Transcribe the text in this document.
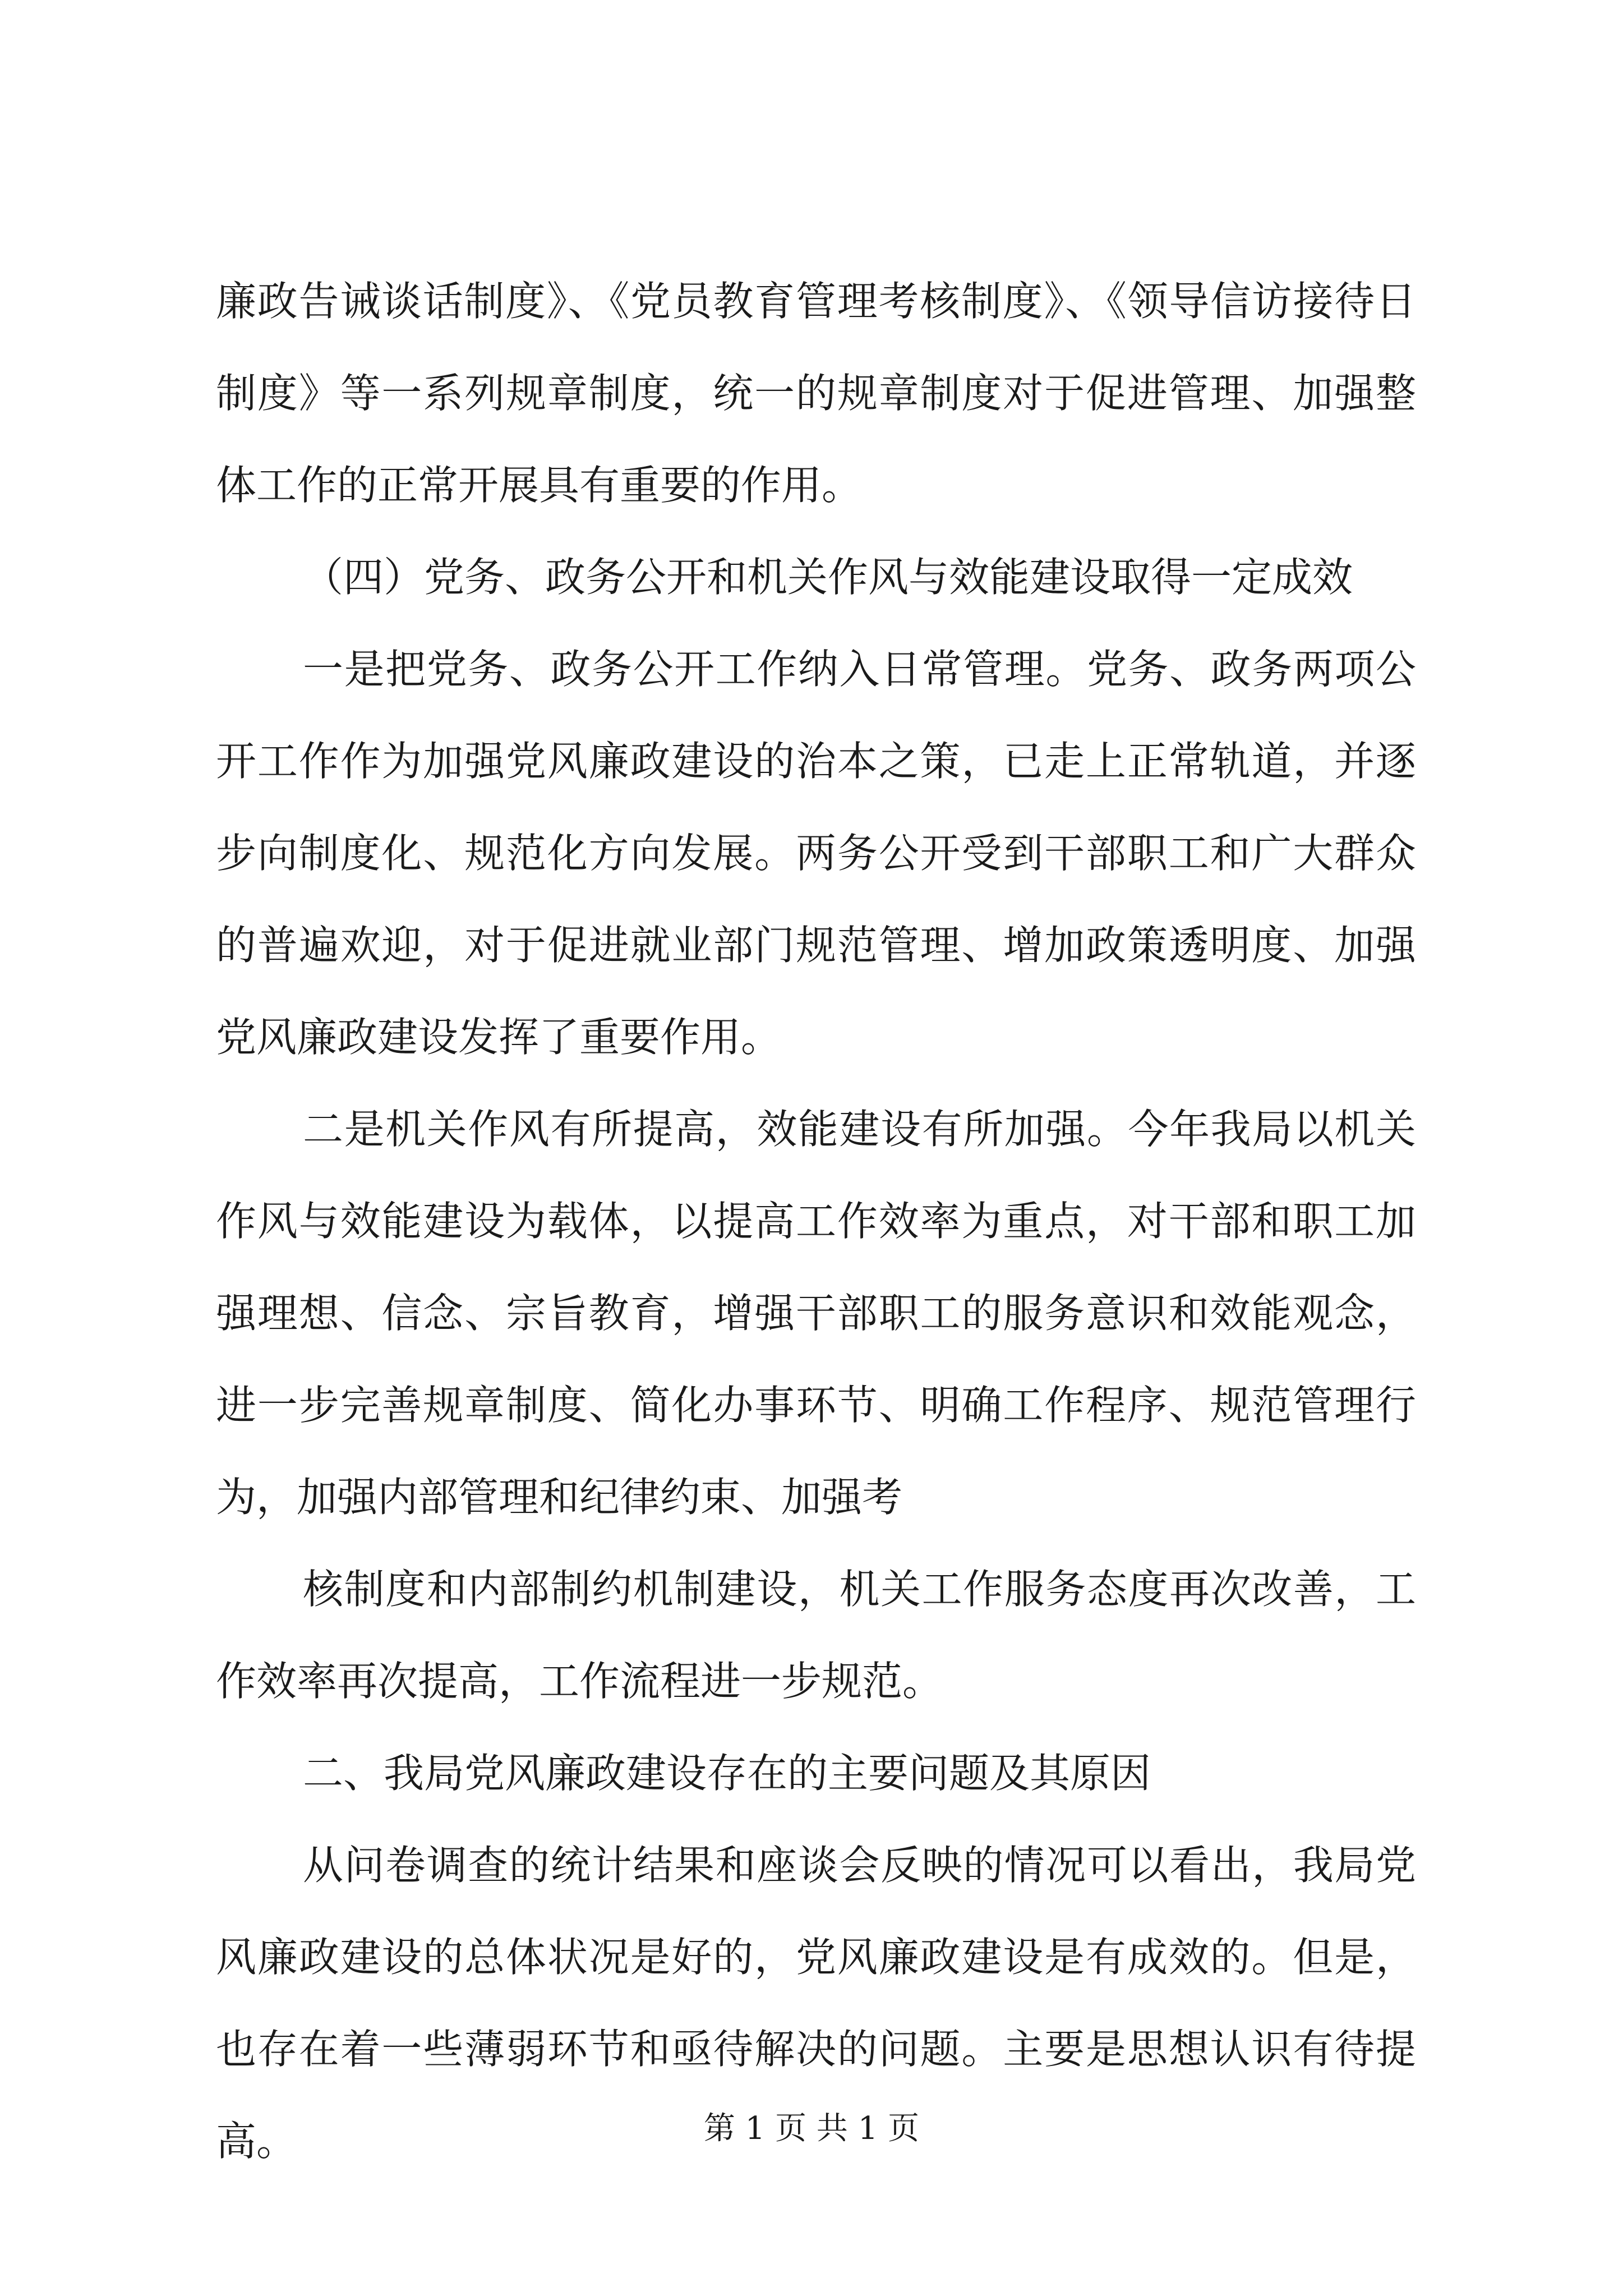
廉政告诫谈话制度》、《党员教育管理考核制度》、《领导信访接待日制度》等一系列规章制度，统一的规章制度对于促进管理、加强整体工作的正常开展具有重要的作用。

（四）党务、政务公开和机关作风与效能建设取得一定成效

一是把党务、政务公开工作纳入日常管理。党务、政务两项公开工作作为加强党风廉政建设的治本之策，已走上正常轨道，并逐步向制度化、规范化方向发展。两务公开受到干部职工和广大群众的普遍欢迎，对于促进就业部门规范管理、增加政策透明度、加强党风廉政建设发挥了重要作用。

二是机关作风有所提高，效能建设有所加强。今年我局以机关作风与效能建设为载体，以提高工作效率为重点，对干部和职工加强理想、信念、宗旨教育，增强干部职工的服务意识和效能观念，进一步完善规章制度、简化办事环节、明确工作程序、规范管理行为，加强内部管理和纪律约束、加强考

核制度和内部制约机制建设，机关工作服务态度再次改善，工作效率再次提高，工作流程进一步规范。

二、我局党风廉政建设存在的主要问题及其原因

从问卷调查的统计结果和座谈会反映的情况可以看出，我局党风廉政建设的总体状况是好的，党风廉政建设是有成效的。但是，也存在着一些薄弱环节和亟待解决的问题。主要是思想认识有待提高。	第 1 页 共 1 页
